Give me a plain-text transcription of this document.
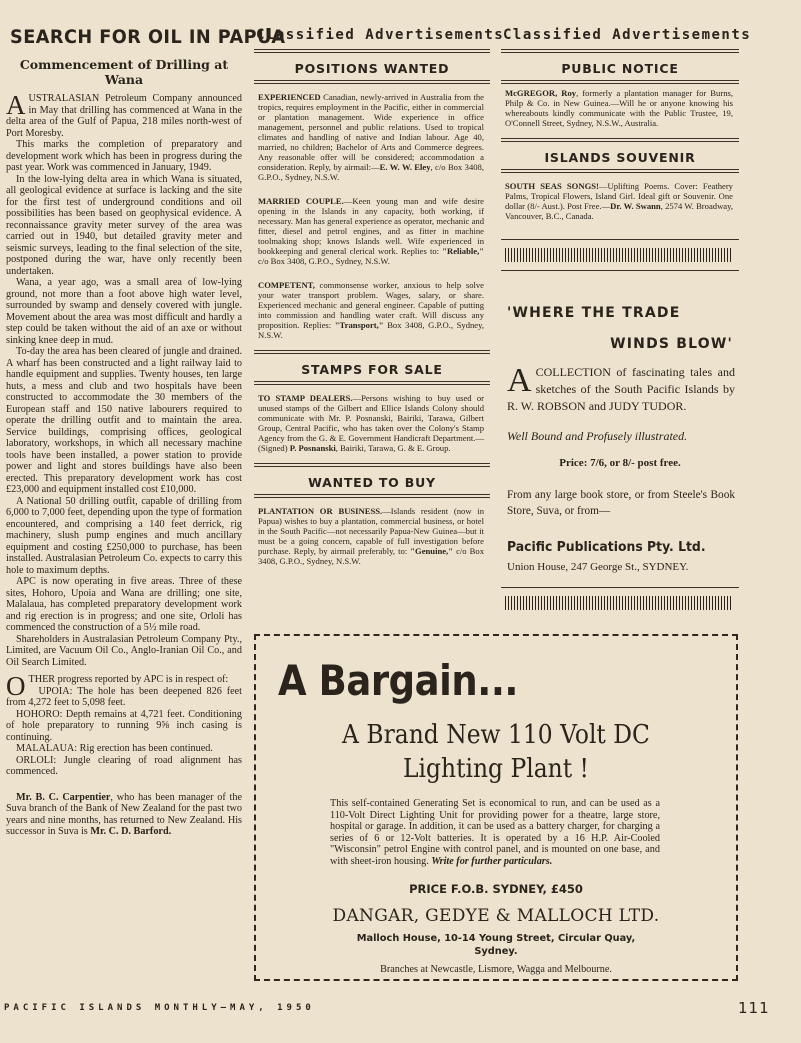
SEARCH FOR OIL IN PAPUA
Commencement of Drilling at Wana

AUSTRALASIAN Petroleum Company announced in May that drilling has commenced at Wana in the delta area of the Gulf of Papua, 218 miles north-west of Port Moresby.

This marks the completion of preparatory and development work which has been in progress during the past year. Work was commenced in January, 1949.

In the low-lying delta area in which Wana is situated, all geological evidence at surface is lacking and the site for the first test of underground conditions and oil possibilities has been based on geophysical evidence. A reconnaissance gravity meter survey of the area was carried out in 1940, but detailed gravity meter and seismic surveys, leading to the final selection of the site, postponed during the war, have only recently been undertaken.

Wana, a year ago, was a small area of low-lying ground, not more than a foot above high water level, surrounded by swamp and densely covered with jungle. Movement about the area was most difficult and hardly a step could be taken without the aid of an axe or without sinking knee deep in mud.

To-day the area has been cleared of jungle and drained. A wharf has been constructed and a light railway laid to handle equipment and supplies. Twenty houses, ten large huts, a mess and club and two hospitals have been constructed to accommodate the 30 members of the European staff and 150 native labourers required to operate the drilling outfit and to maintain the area. Service buildings, comprising offices, geological laboratory, workshops, in which all necessary machine tools have been installed, a power station to provide power and light and stores buildings have also been erected. This preparatory development work has cost £23,000 and equipment installed cost £10,000.

A National 50 drilling outfit, capable of drilling from 6,000 to 7,000 feet, depending upon the type of formation encountered, and comprising a 140 feet derrick, rig machinery, slush pump engines and much ancillary equipment and costing £250,000 to purchase, has been installed. Australasian Petroleum Co. expects to carry this hole to maximum depths.

APC is now operating in five areas. Three of these sites, Hohoro, Upoia and Wana are drilling; one site, Malalaua, has completed preparatory development work and rig erection is in progress; and one site, Orloli has commenced the construction of a 5½ mile road.

Shareholders in Australasian Petroleum Company Pty., Limited, are Vacuum Oil Co., Anglo-Iranian Oil Co., and Oil Search Limited.

OTHER progress reported by APC is in respect of:

UPOIA: The hole has been deepened 826 feet from 4,272 feet to 5,098 feet.

HOHORO: Depth remains at 4,721 feet. Conditioning of hole preparatory to running 9⅝ inch casing is continuing.

MALALAUA: Rig erection has been continued.

ORLOLI: Jungle clearing of road alignment has commenced.

Mr. B. C. Carpentier, who has been manager of the Suva branch of the Bank of New Zealand for the past two years and nine months, has returned to New Zealand. His successor in Suva is Mr. C. D. Barford.

Classified Advertisements
POSITIONS WANTED
EXPERIENCED Canadian, newly-arrived in Australia from the tropics, requires employment in the Pacific, either in commercial or plantation management. Wide experience in office management, personnel and public relations. Used to tropical climates and handling of native and Indian labour. Age 40, married, no children; Bachelor of Arts and Commerce degrees. Any reasonable offer will be considered; accommodation a consideration. Reply, by airmail:—E. W. W. Eley, c/o Box 3408, G.P.O., Sydney, N.S.W.
MARRIED COUPLE.—Keen young man and wife desire opening in the Islands in any capacity, both working, if necessary. Man has general experience as operator, mechanic and fitter, diesel and petrol engines, and as fitter in machine toolmaking shop; knows Islands well. Wife experienced in bookkeeping and general clerical work. Replies to: "Reliable," c/o Box 3408, G.P.O., Sydney, N.S.W.
COMPETENT, commonsense worker, anxious to help solve your water transport problem. Wages, salary, or share. Experienced mechanic and general engineer. Capable of putting into commission and handling water craft. Will discuss any proposition. Replies: "Transport," Box 3408, G.P.O., Sydney, N.S.W.
STAMPS FOR SALE
TO STAMP DEALERS.—Persons wishing to buy used or unused stamps of the Gilbert and Ellice Islands Colony should communicate with Mr. P. Posnanski, Bairiki, Tarawa, Gilbert Group, Central Pacific, who has taken over the Colony's Stamp Agency from the G. & E. Government Handicraft Department.—(Signed) P. Posnanski, Bairiki, Tarawa, G. & E. Group.
WANTED TO BUY
PLANTATION OR BUSINESS.—Islands resident (now in Papua) wishes to buy a plantation, commercial business, or hotel in the South Pacific—not necessarily Papua-New Guinea—but it must be a going concern, capable of full investigation before purchase. Reply, by airmail preferably, to: "Genuine," c/o Box 3408, G.P.O., Sydney, N.S.W.
Classified Advertisements
PUBLIC NOTICE
McGREGOR, Roy, formerly a plantation manager for Burns, Philp & Co. in New Guinea.—Will he or anyone knowing his whereabouts kindly communicate with the Public Trustee, 19, O'Connell Street, Sydney, N.S.W., Australia.
ISLANDS SOUVENIR
SOUTH SEAS SONGS!—Uplifting Poems. Cover: Feathery Palms, Tropical Flowers, Island Girl. Ideal gift or Souvenir. One dollar (8/- Aust.). Post Free.—Dr. W. Swann, 2574 W. Broadway, Vancouver, B.C., Canada.
'WHERE THE TRADE
WINDS BLOW'
A COLLECTION of fascinating tales and sketches of the South Pacific Islands by R. W. ROBSON and JUDY TUDOR.
Well Bound and Profusely illustrated.
Price: 7/6, or 8/- post free.
From any large book store, or from Steele's Book Store, Suva, or from—
Pacific Publications Pty. Ltd.
Union House, 247 George St., SYDNEY.
A Bargain...
A Brand New 110 Volt DC
Lighting Plant !
This self-contained Generating Set is economical to run, and can be used as a 110-Volt Direct Lighting Unit for providing power for a theatre, large store, hospital or garage. In addition, it can be used as a battery charger, for charging a series of 6 or 12-Volt batteries. It is operated by a 16 H.P. Air-Cooled "Wisconsin" petrol Engine with control panel, and is mounted on one base, and with sheet-iron housing. Write for further particulars.
PRICE F.O.B. SYDNEY, £450
DANGAR, GEDYE & MALLOCH LTD.
Malloch House, 10-14 Young Street, Circular Quay,
Sydney.
Branches at Newcastle, Lismore, Wagga and Melbourne.
PACIFIC ISLANDS MONTHLY—MAY, 1950	111
